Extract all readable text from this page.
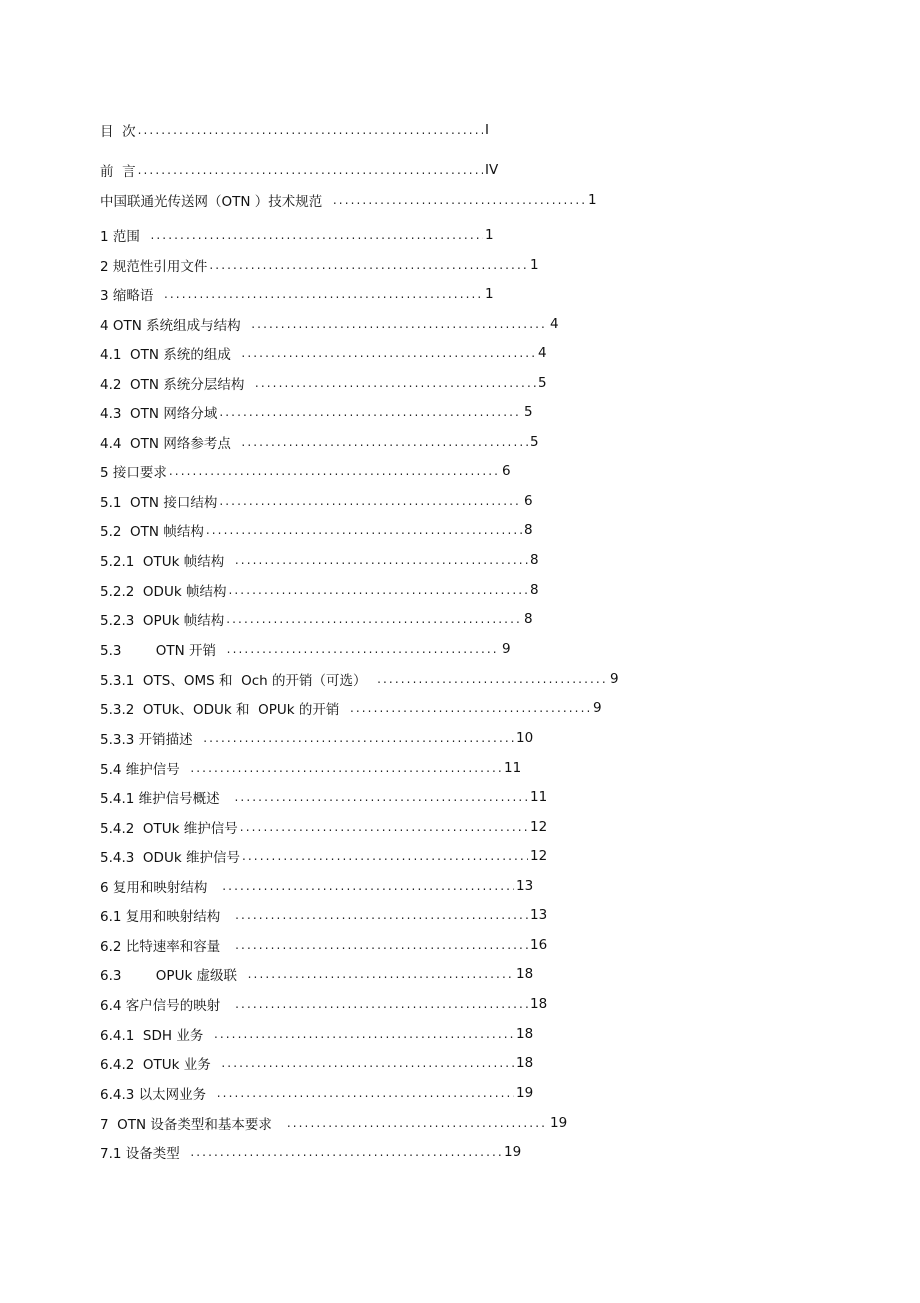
目  次 .....	I
前  言 .....	IV
中国联通光传送网（OTN ）技术规范 .....	1
1 范围 .....	1
2 规范性引用文件 .....	1
3 缩略语 .....	1
4 OTN 系统组成与结构 .....	4
4.1  OTN 系统的组成 .....	4
4.2  OTN 系统分层结构 .....	5
4.3  OTN 网络分域 .....	5
4.4  OTN 网络参考点 .....	5
5 接口要求 .....	6
5.1  OTN 接口结构 .....	6
5.2  OTN 帧结构 .....	8
5.2.1  OTUk 帧结构 .....	8
5.2.2  ODUk 帧结构 .....	8
5.2.3  OPUk 帧结构 .....	8
5.3        OTN 开销 .....	9
5.3.1  OTS、OMS 和  Och 的开销（可选） .....	9
5.3.2  OTUk、ODUk 和  OPUk 的开销 .....	9
5.3.3 开销描述 .....	10
5.4 维护信号 .....	11
5.4.1 维护信号概述 .....	11
5.4.2  OTUk 维护信号 .....	12
5.4.3  ODUk 维护信号 .....	12
6 复用和映射结构 .....	13
6.1 复用和映射结构 .....	13
6.2 比特速率和容量 .....	16
6.3        OPUk 虚级联 .....	18
6.4 客户信号的映射 .....	18
6.4.1  SDH 业务 .....	18
6.4.2  OTUk 业务 .....	18
6.4.3 以太网业务 .....	19
7  OTN 设备类型和基本要求 .....	19
7.1 设备类型 .....	19
